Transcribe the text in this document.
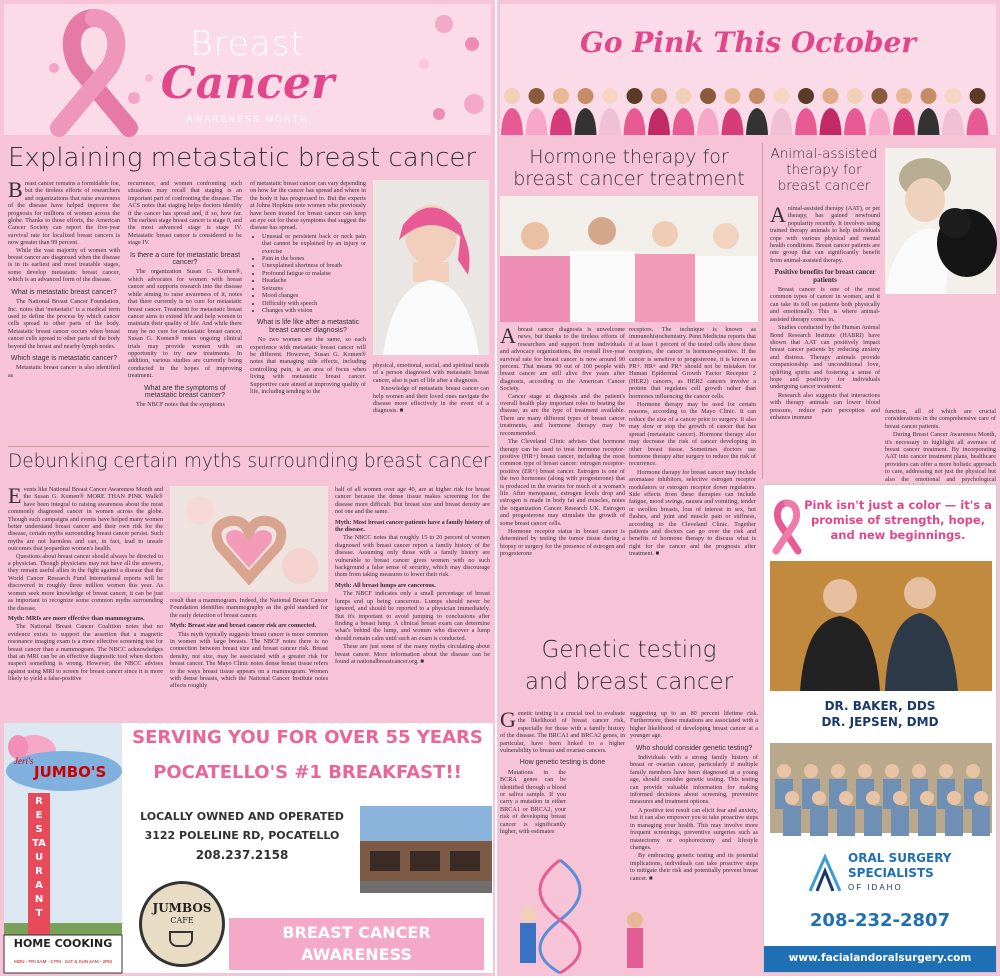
Breast
Cancer
AWARENESS MONTH
Explaining metastatic breast cancer
Breast cancer remains a formidable foe, but the tireless efforts of researchers and organizations that raise awareness of the disease have helped improve the prognosis for millions of women across the globe. Thanks to those efforts, the American Cancer Society can report the five-year survival rate for localized breast cancers is now greater than 99 percent.

While the vast majority of women with breast cancer are diagnosed when the disease is in its earliest and most treatable stages, some develop metastatic breast cancer, which is an advanced form of the disease.

What is metastatic breast cancer?

The National Breast Cancer Foundation, Inc. notes that 'metastatic' is a medical term used to define the process by which cancer cells spread to other parts of the body. Metastatic breast cancer occurs when breast cancer cells spread to other parts of the body beyond the breast and nearby lymph nodes.

Which stage is metastatic cancer?

Metastatic breast cancer is also identified as

recurrence, and women confronting such situations may recall that staging is an important part of confronting the disease. The ACS notes that staging helps doctors identify if the cancer has spread and, if so, how far. The earliest stage breast cancer is stage 0, and the most advanced stage is stage IV. Metastatic breast cancer is considered to be stage IV.

Is there a cure for metastatic breast cancer?

The organization Susan G. Komen®, which advocates for women with breast cancer and supports research into the disease while aiming to raise awareness of it, notes that there currently is no cure for metastatic breast cancer. Treatment for metastatic breast cancer aims to extend life and help women to maintain their quality of life. And while there may be no cure for metastatic breast cancer, Susan G. Komen® notes ongoing clinical trials may provide women with an opportunity to try new treatments. In addition, various studies are currently being conducted in the hopes of improving treatment.

What are the symptoms of metastatic breast cancer?

The NBCF notes that the symptoms

of metastatic breast cancer can vary depending on how far the cancer has spread and where in the body it has progressed to. But the experts at Johns Hopkins note women who previously have been treated for breast cancer can keep an eye out for these symptoms that suggest the disease has spread.

• Unusual or persistent back or neck pain that cannot be explained by an injury or exercise
• Pain in the bones
• Unexplained shortness of breath
• Profound fatigue or malaise
• Headache
• Seizures
• Mood changes
• Difficulty with speech
• Changes with vision
What is life like after a metastatic breast cancer diagnosis?

No two women are the same, so each experience with metastatic breast cancer will be different. However, Susan G. Komen® notes that managing side effects, including controlling pain, is an area of focus when living with metastatic breast cancer. Supportive care aimed at improving quality of life, including tending to the

physical, emotional, social, and spiritual needs of a person diagnosed with metastatic breast cancer, also is part of life after a diagnosis.

Knowledge of metastatic breast cancer can help women and their loved ones navigate the disease more effectively in the event of a diagnosis. ■

Debunking certain myths surrounding breast cancer
Events like National Breast Cancer Awareness Month and the Susan G. Komen® MORE THAN PINK Walk® have been integral to raising awareness about the most commonly diagnosed cancer in women across the globe. Though such campaigns and events have helped many women better understand breast cancer and their own risk for the disease, certain myths surrounding breast cancer persist. Such myths are not harmless and can, in fact, lead to unsafe outcomes that jeopardize women's health.

Questions about breast cancer should always be directed to a physician. Though physicians may not have all the answers, they remain useful allies in the fight against a disease that the World Cancer Research Fund International reports will be discovered in roughly three million women this year. As women seek more knowledge of breast cancer, it can be just as important to recognize some common myths surrounding the disease.

Myth: MRIs are more effective than mammograms.

The National Breast Cancer Coalition notes that no evidence exists to support the assertion that a magnetic resonance imaging exam is a more effective screening test for breast cancer than a mammogram. The NBCC acknowledges that an MRI can be an effective diagnostic tool when doctors suspect something is wrong. However, the NBCC advises against using MRI to screen for breast cancer since it is more likely to yield a false-positive

result than a mammogram. Indeed, the National Breast Cancer Foundation identifies mammography as the gold standard for the early detection of breast cancer.

Myth: Breast size and breast cancer risk are connected.

This myth typically suggests breast cancer is more common in women with large breasts. The NBCF notes there is no connection between breast size and breast cancer risk. Breast density, not size, may be associated with a greater risk for breast cancer. The Mayo Clinic notes dense breast tissue refers to the ways breast tissue appears on a mammogram. Women with dense breasts, which the National Cancer Institute notes affects roughly

half of all women over age 40, are at higher risk for breast cancer because the dense tissue makes screening for the disease more difficult. But breast size and breast density are not one and the same.

Myth: Most breast cancer patients have a family history of the disease.

The NBCC notes that roughly 15 to 20 percent of women diagnosed with breast cancer report a family history of the disease. Assuming only those with a family history are vulnerable to breast cancer gives women with no such background a false sense of security, which may discourage them from taking measures to lower their risk.

Myth: All breast lumps are cancerous.

The NBCF indicates only a small percentage of breast lumps end up being cancerous. Lumps should never be ignored, and should be reported to a physician immediately. But it's important to avoid jumping to conclusions after finding a breast lump. A clinical breast exam can determine what's behind the lump, and women who discover a lump should remain calm until such an exam is conducted.

These are just some of the many myths circulating about breast cancer. More information about the disease can be found at nationalbreastcancer.org. ■

Jeri's
JUMBO'S
RESTAURANT
HOME COOKING
MON - FRI 6AM - 3 PM · SAT & SUN 6AM - 2PM
SERVING YOU FOR OVER 55 YEARS
POCATELLO'S #1 BREAKFAST!!
LOCALLY OWNED AND OPERATED
3122 POLELINE RD, POCATELLO
208.237.2158
JUMBOS
CAFE
BREAST CANCER
AWARENESS
Go Pink This October
Hormone therapy for breast cancer treatment
A breast cancer diagnosis is unwelcome news, but thanks to the tireless efforts of researchers and support from individuals and advocacy organizations, the overall five-year survival rate for breast cancer is now around 90 percent. That means 90 out of 100 people with breast cancer are still alive five years after diagnosis, according to the American Cancer Society.

Cancer stage at diagnosis and the patient's overall health play important roles in beating the disease, as are the type of treatment available. There are many different types of breast cancer treatments, and hormone therapy may be recommended.

The Cleveland Clinic advises that hormone therapy can be used to treat hormone receptor-positive (HR+) breast cancer, including the most common type of breast cancer: estrogen receptor-positive (ER+) breast cancer. Estrogen is one of the two hormones (along with progesterone) that is produced in the ovaries for much of a woman's life. After menopause, estrogen levels drop and estrogen is made in body fat and muscles, notes the organization Cancer Research UK. Estrogen and progesterone may stimulate the growth of some breast cancer cells.

Hormone receptor status in breast cancer is determined by testing the tumor tissue during a biopsy or surgery for the presence of estrogen and progesterone

receptors. The technique is known as immunohistochemistry. Penn Medicine reports that if at least 1 percent of the tested cells show these receptors, the cancer is hormone-positive. If the cancer is sensitive to progesterone, it is known as PR+. HR+ and PR+ should not be mistaken for Human Epidermal Growth Factor Receptor 2 (HER2) cancers, as HER2 cancers involve a protein that regulates cell growth rather than hormones influencing the cancer cells.

Hormone therapy may be used for certain reasons, according to the Mayo Clinic. It can reduce the size of a cancer prior to surgery. It also may slow or stop the growth of cancer that has spread (metastatic cancer). Hormone therapy also may decrease the risk of cancer developing in other breast tissue. Sometimes doctors use hormone therapy after surgery to reduce the risk of recurrence.

Hormone therapy for breast cancer may include aromatase inhibitors, selective estrogen receptor modulators or estrogen receptor down regulators. Side effects from these therapies can include fatigue, mood swings, nausea and vomiting, tender or swollen breasts, loss of interest in sex, hot flashes, and joint and muscle pain or stiffness, according to the Cleveland Clinic. Together patients and doctors can go over the risk and benefits of hormone therapy to discuss what is right for the cancer and the prognosis after treatment. ■

Animal-assisted therapy for breast cancer
Animal-assisted therapy (AAT), or pet therapy, has gained newfound popularity recently. It involves using trained therapy animals to help individuals cope with various physical and mental health conditions. Breast cancer patients are one group that can significantly benefit from animal-assisted therapy.
Positive benefits for breast cancer patients

Breast cancer is one of the most common types of cancer in women, and it can take its toll on patients both physically and emotionally. This is where animal-assisted therapy comes in.

Studies conducted by the Human Animal Bond Research Institute (HABRI) have shown that AAT can positively impact breast cancer patients by reducing anxiety and distress. Therapy animals provide companionship and unconditional love, uplifting spirits and fostering a sense of hope and positivity for individuals undergoing cancer treatment.

Research also suggests that interactions with therapy animals can lower blood pressure, reduce pain perception and enhance immune

function, all of which are crucial considerations in the comprehensive care of breast cancer patients.

During Breast Cancer Awareness Month, it's necessary to highlight all avenues of breast cancer treatment. By incorporating AAT into cancer treatment plans, healthcare providers can offer a more holistic approach to care, addressing not just the physical but also the emotional and psychological

Genetic testing
and breast cancer
Genetic testing is a crucial tool to evaluate the likelihood of breast cancer risk, especially for those with a family history of the disease. The BRCA1 and BRCA2 genes, in particular, have been linked to a higher vulnerability to breast and ovarian cancers.
How genetic testing is done

Mutations in the BCRA genes can be identified through a blood or saliva sample. If you carry a mutation in either BRCA1 or BRCA2, your risk of developing breast cancer is significantly higher, with estimates

suggesting up to an 80 percent lifetime risk. Furthermore, these mutations are associated with a higher likelihood of developing breast cancer at a younger age.

Who should consider genetic testing?

Individuals with a strong family history of breast or ovarian cancer, particularly if multiple family members have been diagnosed at a young age, should consider genetic testing. This testing can provide valuable information for making informed decisions about screening, preventive measures and treatment options.

A positive test result can elicit fear and anxiety, but it can also empower you to take proactive steps in managing your health. This may involve more frequent screenings, preventive surgeries such as mastectomy or oophorectomy and lifestyle changes.

By embracing genetic testing and its potential implications, individuals can take proactive steps to mitigate their risk and potentially prevent breast cancer. ■

Pink isn't just a color — it's a promise of strength, hope, and new beginnings.
DR. BAKER, DDS
DR. JEPSEN, DMD
ORAL SURGERY
SPECIALISTS
OF IDAHO
208-232-2807
www.facialandoralsurgery.com
